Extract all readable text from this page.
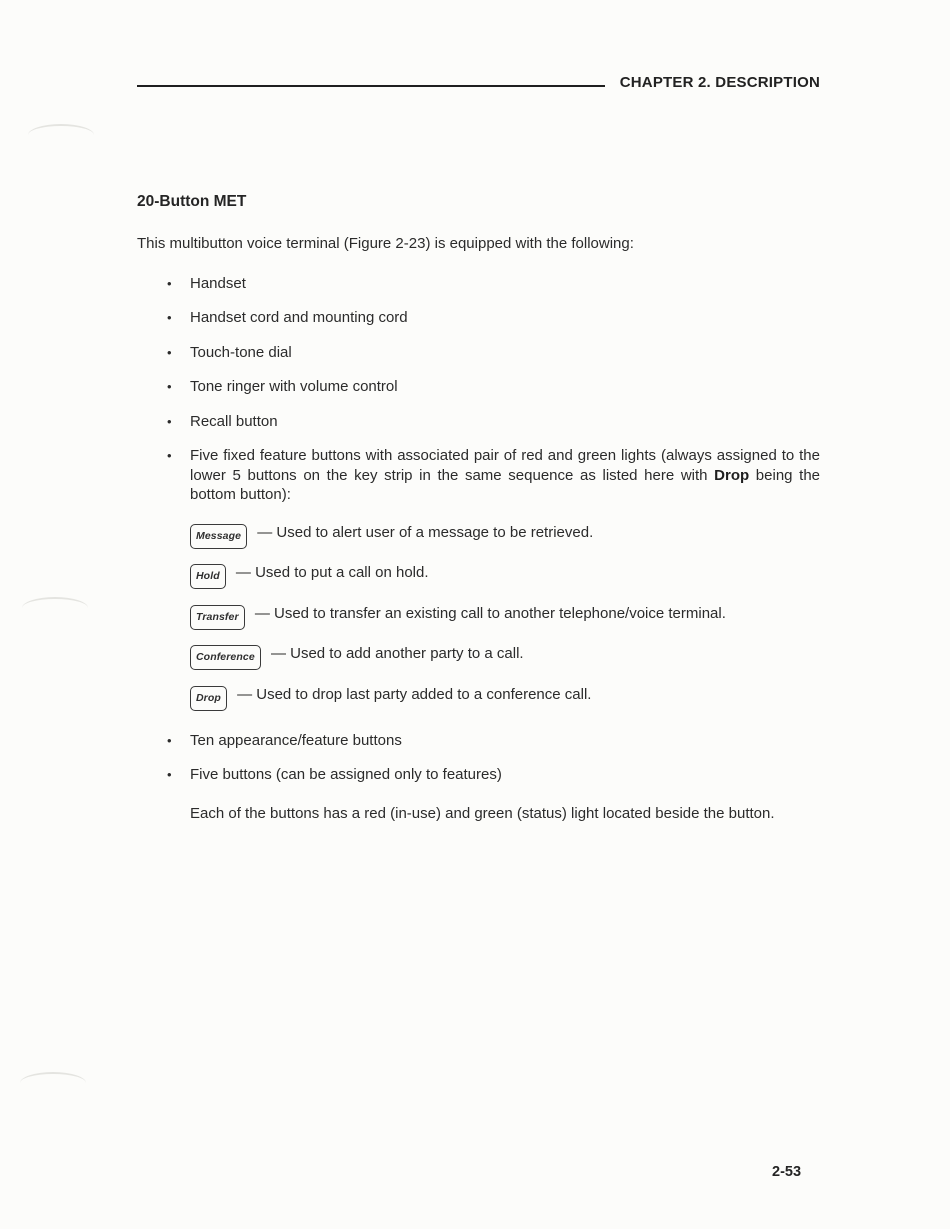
CHAPTER 2. DESCRIPTION
20-Button MET

This multibutton voice terminal (Figure 2-23) is equipped with the following:

•	Handset
•	Handset cord and mounting cord
•	Touch-tone dial
•	Tone ringer with volume control
•	Recall button
•	Five fixed feature buttons with associated pair of red and green lights (always assigned to the lower 5 buttons on the key strip in the same sequence as listed here with Drop being the bottom button):
Message — Used to alert user of a message to be retrieved.
Hold — Used to put a call on hold.
Transfer — Used to transfer an existing call to another telephone/voice terminal.
Conference — Used to add another party to a call.
Drop — Used to drop last party added to a conference call.
•	Ten appearance/feature buttons
•	Five buttons (can be assigned only to features)

Each of the buttons has a red (in-use) and green (status) light located beside the button.

2-53
